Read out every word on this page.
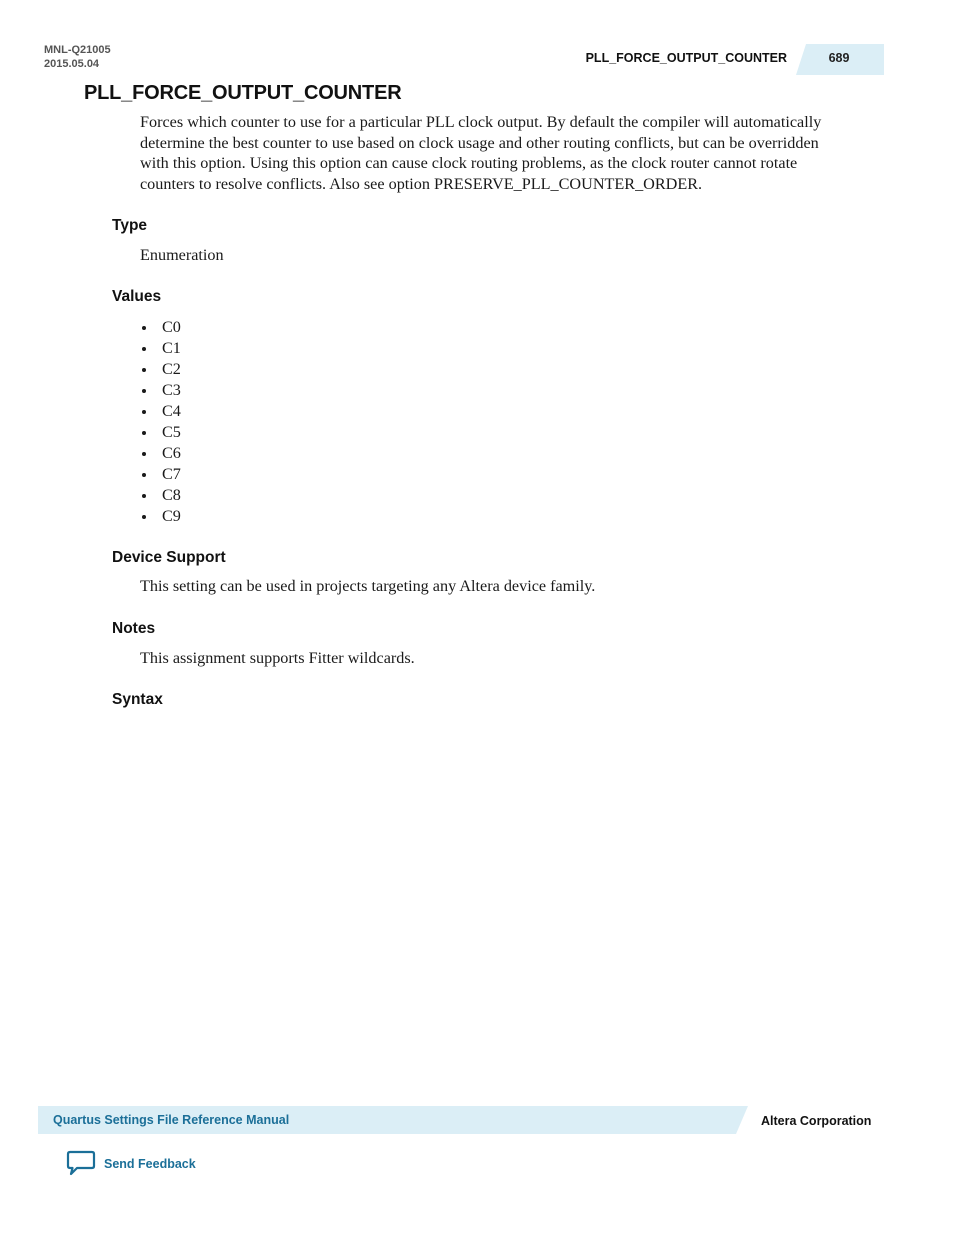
MNL-Q21005
2015.05.04	PLL_FORCE_OUTPUT_COUNTER	689
PLL_FORCE_OUTPUT_COUNTER

Forces which counter to use for a particular PLL clock output. By default the compiler will automatically
determine the best counter to use based on clock usage and other routing conflicts, but can be overridden
with this option. Using this option can cause clock routing problems, as the clock router cannot rotate
counters to resolve conflicts. Also see option PRESERVE_PLL_COUNTER_ORDER.

Type

Enumeration

Values
C0
C1
C2
C3
C4
C5
C6
C7
C8
C9
Device Support

This setting can be used in projects targeting any Altera device family.

Notes

This assignment supports Fitter wildcards.

Syntax
Quartus Settings File Reference Manual	Altera Corporation
Send Feedback
